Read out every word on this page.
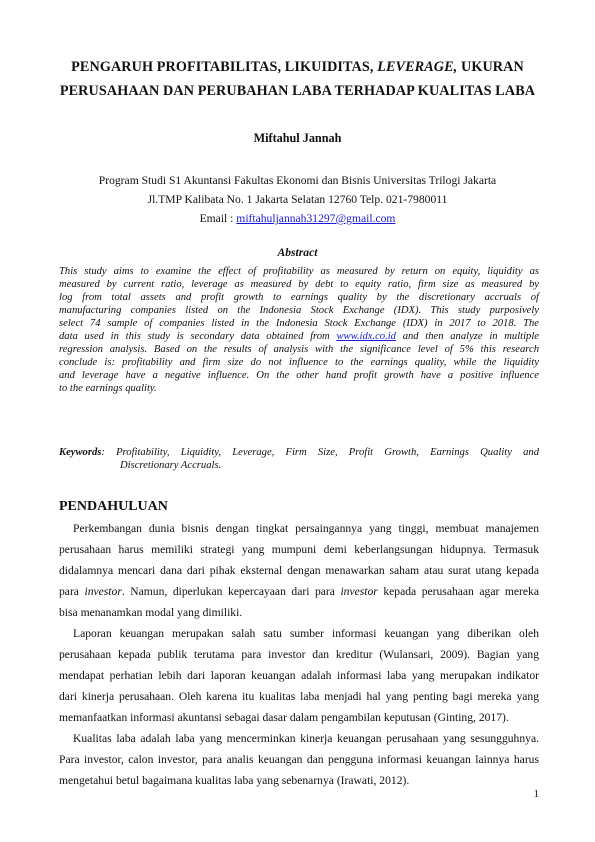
PENGARUH PROFITABILITAS, LIKUIDITAS, LEVERAGE, UKURAN
PERUSAHAAN DAN PERUBAHAN LABA TERHADAP KUALITAS LABA
Miftahul Jannah
Program Studi S1 Akuntansi Fakultas Ekonomi dan Bisnis Universitas Trilogi Jakarta
Jl.TMP Kalibata No. 1 Jakarta Selatan 12760 Telp. 021-7980011
Email : miftahuljannah31297@gmail.com
Abstract
This study aims to examine the effect of profitability as measured by return on equity, liquidity as
measured by current ratio, leverage as measured by debt to equity ratio, firm size as measured by
log from total assets and profit growth to earnings quality by the discretionary accruals of
manufacturing companies listed on the Indonesia Stock Exchange (IDX). This study purposively
select 74 sample of companies listed in the Indonesia Stock Exchange (IDX) in 2017 to 2018. The
data used in this study is secondary data obtained from www.idx.co.id and then analyze in multiple
regression analysis. Based on the results of analysis with the significance level of 5% this research
conclude is: profitability and firm size do not influence to the earnings quality, while the liquidity
and leverage have a negative influence. On the other hand profit growth have a positive influence
to the earnings quality.
Keywords: Profitability, Liquidity, Leverage, Firm Size, Profit Growth, Earnings Quality and
Discretionary Accruals.
PENDAHULUAN
Perkembangan dunia bisnis dengan tingkat persaingannya yang tinggi, membuat manajemen
perusahaan harus memiliki strategi yang mumpuni demi keberlangsungan hidupnya. Termasuk
didalamnya mencari dana dari pihak eksternal dengan menawarkan saham atau surat utang kepada
para investor. Namun, diperlukan kepercayaan dari para investor kepada perusahaan agar mereka
bisa menanamkan modal yang dimiliki.
Laporan keuangan merupakan salah satu sumber informasi keuangan yang diberikan oleh
perusahaan kepada publik terutama para investor dan kreditur (Wulansari, 2009). Bagian yang
mendapat perhatian lebih dari laporan keuangan adalah informasi laba yang merupakan indikator
dari kinerja perusahaan. Oleh karena itu kualitas laba menjadi hal yang penting bagi mereka yang
memanfaatkan informasi akuntansi sebagai dasar dalam pengambilan keputusan (Ginting, 2017).
Kualitas laba adalah laba yang mencerminkan kinerja keuangan perusahaan yang sesungguhnya.
Para investor, calon investor, para analis keuangan dan pengguna informasi keuangan lainnya harus
mengetahui betul bagaimana kualitas laba yang sebenarnya (Irawati, 2012).
1
